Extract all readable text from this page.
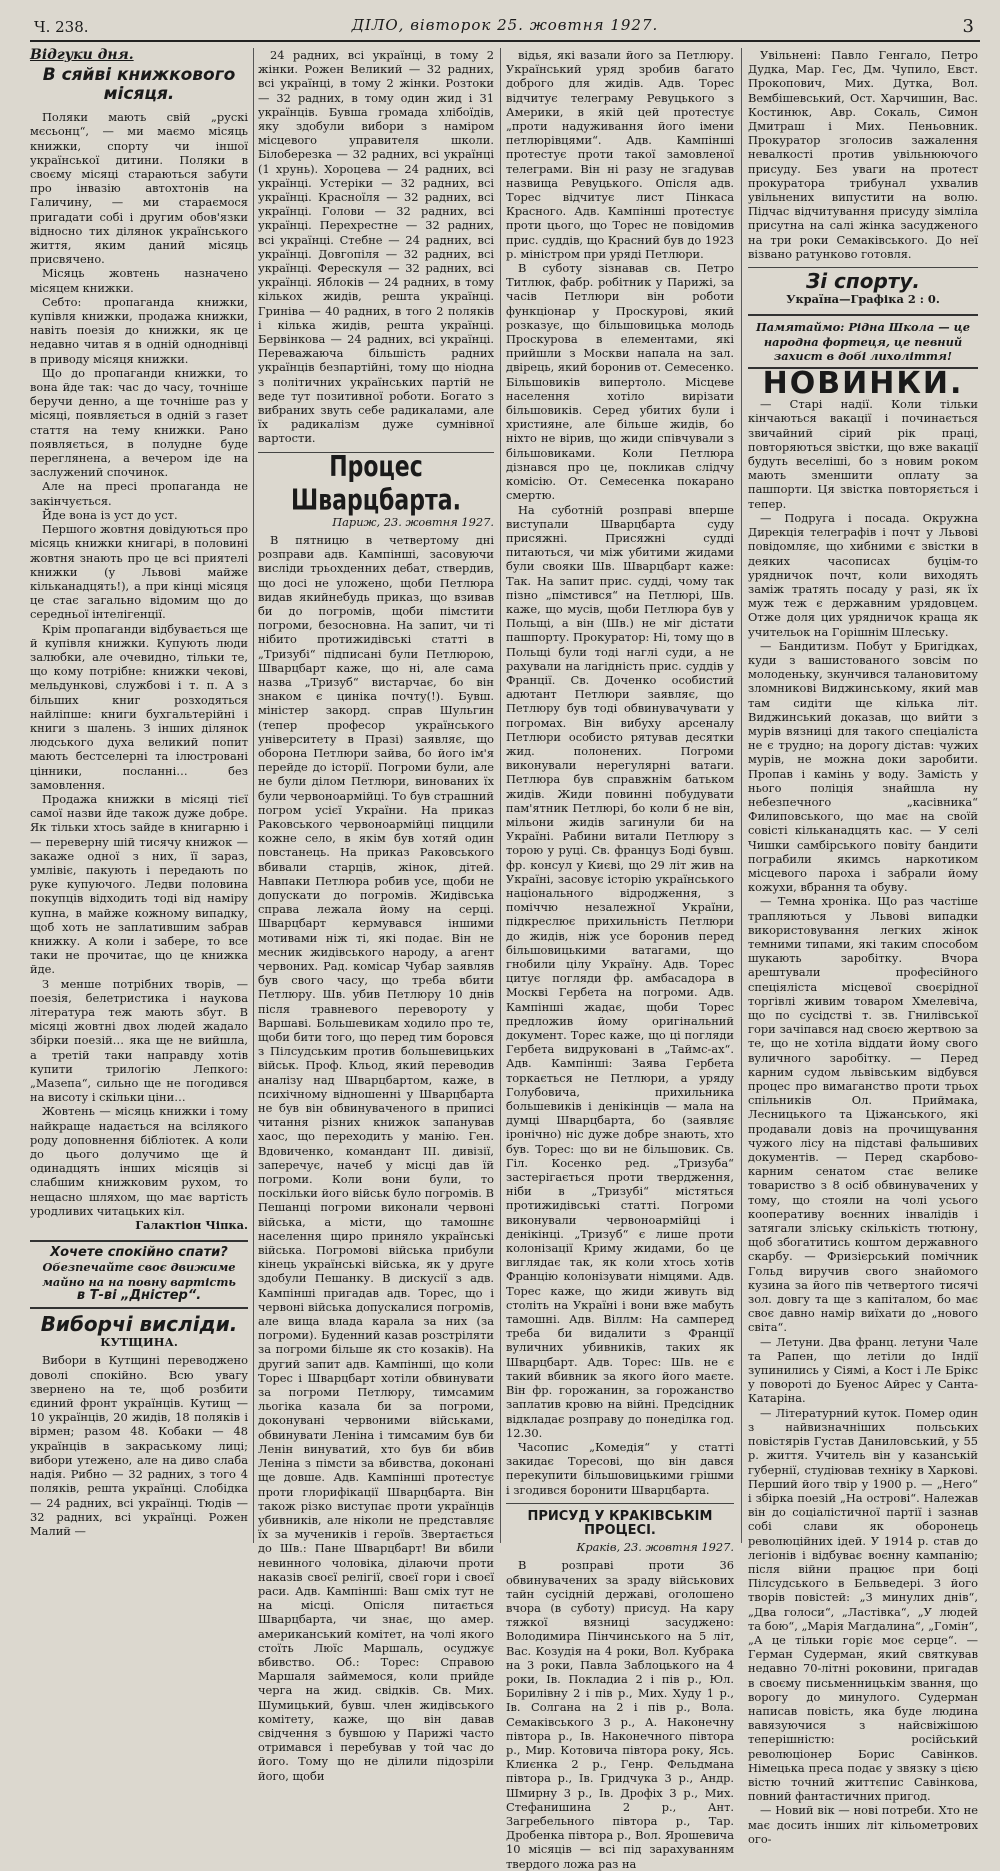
Ч. 238.	ДІЛО, вівторок 25. жовтня 1927.	3
Відгуки дня.
В сяйві книжкового місяця.

Поляки мають свій „рускі мєсьонц“, — ми маємо місяць книжки, спорту чи іншої української дитини. Поляки в своєму місяці стараються забути про інвазію автохтонів на Галичину, — ми стараємося пригадати собі і другим обов'язки відносно тих ділянок українського життя, яким даний місяць присвячено.

Місяць жовтень назначено місяцем книжки.

Себто: пропаганда книжки, купівля книжки, продажа книжки, навіть поезія до книжки, як це недавно читав я в одній одноднівці в приводу місяця книжки.

Що до пропаганди книжки, то вона йде так: час до часу, точніше беручи денно, а ще точніше раз у місяці, появляється в одній з газет стаття на тему книжки. Рано появляється, в полудне буде переглянена, а вечером іде на заслужений спочинок.

Але на пресі пропаганда не закінчується.

Йде вона із уст до уст.

Першого жовтня довідуються про місяць книжки книгарі, в половині жовтня знають про це всі приятелі книжки (у Львові майже кільканадцять!), а при кінці місяця це стає загально відомим що до середньої інтелігенції.

Крім пропаганди відбувається ще й купівля книжки. Купують люди залюбки, але очевидно, тільки те, що кому потрібне: книжки чекові, мельдункові, службові і т. п. А з більших книг розходяться найліпше: книги бухгальтерійні і книги з шалень. З інших ділянок людського духа великий попит мають бестселерні та ілюстровані цінники, посланні… без замовлення.

Продажа книжки в місяці тієї самої назви йде також дуже добре. Як тільки хтось зайде в книгарню і — переверну шій тисячу книжок — закаже одної з них, її зараз, умлівіє, пакують і передають по руке купуючого. Ледви половина покупців відходить тоді від наміру купна, в майже кожному випадку, щоб хоть не заплатившим забрав книжку. А коли і забере, то все таки не прочитає, що це книжка йде.

З менше потрібних творів, — поезія, белетристика і наукова література теж мають збут. В місяці жовтні двох людей жадало збірки поезій… яка ще не вийшла, а третій таки направду хотів купити трилогію Лепкого: „Мазепа“, сильно ще не погодився на висоту і скільки ціни…

Жовтень — місяць книжки і тому найкраще надається на всілякого роду доповнення бібліотек. А коли до цього долучимо ще й одинадцять інших місяців зі слабшим книжковим рухом, то нещасно шляхом, що має вартість уродливих читацьких кіл.

Галактіон Чіпка.
Хочете спокійно спати?
Обезпечайте своє движиме майно на на повну вартість
в Т-ві „Дністер“.
Виборчі висліди.
КУТЩИНА.

Вибори в Кутщині переводжено доволі спокійно. Всю увагу звернено на те, щоб розбити єдиний фронт українців. Кутищ — 10 українців, 20 жидів, 18 поляків і вірмен; разом 48. Кобаки — 48 українців в закраському лиці; вибори утежено, але на диво слаба надія. Рибно — 32 радних, з того 4 поляків, решта українці. Слобідка — 24 радних, всі українці. Тюдів — 32 радних, всі українці. Рожен Малий —

24 радних, всі українці, в тому 2 жінки. Рожен Великий — 32 радних, всі українці, в тому 2 жінки. Розтоки — 32 радних, в тому один жид і 31 українців. Бувша громада хлібоїдів, яку здобули вибори з наміром місцевого управителя школи. Білоберезка — 32 радних, всі українці (1 хрунь). Хороцева — 24 радних, всі українці. Устеріки — 32 радних, всі українці. Красноїля — 32 радних, всі українці. Голови — 32 радних, всі українці. Перехрестне — 32 радних, всі українці. Стебне — 24 радних, всі українці. Довгопіля — 32 радних, всі українці. Ферескуля — 32 радних, всі українці. Яблоків — 24 радних, в тому кількох жидів, решта українці. Гриніва — 40 радних, в того 2 поляків і кілька жидів, решта українці. Бервінкова — 24 радних, всі українці. Переважаюча більшість радних українців безпартійні, тому що ніодна з політичних українських партій не веде тут позитивної роботи. Богато з вибраних звуть себе радикалами, але їх радикалізм дуже сумнівної вартости.

Процес Шварцбарта.
Париж, 23. жовтня 1927.

В пятницю в четвертому дні розправи адв. Кампінші, засовуючи висліди трьохденних дебат, ствердив, що досі не уложено, щоби Петлюра видав якийнебудь приказ, що взивав би до погромів, щоби пімстити погроми, безосновна. На запит, чи ті нібито протижидівські статті в „Тризубі“ підписані були Петлюрою, Шварцбарт каже, що ні, але сама назва „Тризуб“ вистарчає, бо він знаком є циніка почту(!). Бувш. міністер закорд. справ Шульгин (тепер професор українського університету в Празі) заявляє, що оборона Петлюри зайва, бо його ім'я перейде до історії. Погроми були, але не були ділом Петлюри, винованих їх були червоноармійці. То був страшний погром усієї України. На приказ Раковського червоноармійці пиццили кожне село, в якім був хотяй один повстанець. На приказ Раковського вбивали старців, жінок, дітей. Навпаки Петлюра робив усе, щоби не допускати до погромів. Жидівська справа лежала йому на серці. Шварцбарт кермувався іншими мотивами ніж ті, які подає. Він не месник жидівського народу, а агент червоних. Рад. комісар Чубар заявляв був свого часу, що треба вбити Петлюру. Шв. убив Петлюру 10 днів після травневого перевороту у Варшаві. Большевикам ходило про те, щоби бити того, що перед тим боровся з Пілсудським против большевицьких військ. Проф. Кльод, який переводив аналізу над Шварцбартом, каже, в психічному відношенні у Шварцбарта не був він обвинуваченого в приписі читання різних книжок запанував хаос, що переходить у манію. Ген. Вдовиченко, командант III. дивізії, заперечує, начеб у місці дав їй погроми. Коли вони були, то поскільки його військ було погромів. В Пешанці погроми виконали червоні війська, а місти, що тамошнє населення щиро приняло українські війська. Погромові війська прибули кінець українські війська, як у друге здобули Пешанку. В дискусії з адв. Кампінші пригадав адв. Торес, що і червоні війська допускалися погромів, але вища влада карала за них (за погроми). Буденний казав розстріляти за погроми більше як сто козаків). На другий запит адв. Кампінші, що коли Торес і Шварцбарт хотіли обвинувати за погроми Петлюру, тимсамим льогіка казала би за погроми, доконувані червоними військами, обвинувати Леніна і тимсамим був би Ленін винуватий, хто був би вбив Леніна з пімсти за вбивства, доконані ще довше. Адв. Кампінші протестує проти глорифікації Шварцбарта. Він також різко виступає проти українців убивників, але ніколи не представляє їх за мучеників і героїв. Звертається до Шв.: Пане Шварцбарт! Ви вбили невинного чоловіка, ділаючи проти наказів своєї релігії, своєї гори і своєї раси. Адв. Кампінші: Ваш сміх тут не на місці. Опісля питається Шварцбарта, чи знає, що амер. американський комітет, на чолі якого стоїть Люїс Маршаль, осуджує вбивство. Об.: Торес: Справою Маршаля займемося, коли прийде черга на жид. свідків. Св. Мих. Шумицький, бувш. член жидівського комітету, каже, що він давав свідчення з бувшою у Парижі часто отримався і перебував у той час до його. Тому що не ділили підозріли його, щоби

відья, які вазали його за Петлюру. Український уряд зробив багато доброго для жидів. Адв. Торес відчитує телеграму Ревуцького з Америки, в якій цей протестує „проти надуживання його імени петлюрівцями“. Адв. Кампінші протестує проти такої замовленої телеграми. Він ні разу не згадував назвища Ревуцького. Опісля адв. Торес відчитує лист Пінкаса Красного. Адв. Кампінші протестує проти цього, що Торес не повідомив прис. суддів, що Красний був до 1923 р. міністром при уряді Петлюри.

В суботу зізнавав св. Петро Титлюк, фабр. робітник у Парижі, за часів Петлюри він роботи функціонар у Проскурові, який розказує, що більшовицька молодь Проскурова в елементами, які прийшли з Москви напала на зал. двірець, який боронив от. Семесенко. Більшовиків випертоло. Місцеве населення хотіло вирізати більшовиків. Серед убитих були і християне, але більше жидів, бо ніхто не вірив, що жиди співчували з більшовиками. Коли Петлюра дізнався про це, покликав слідчу комісію. От. Семесенка покарано смертю.

На суботній розправі вперше виступали Шварцбарта суду присяжні. Присяжні судді питаються, чи між убитими жидами були свояки Шв. Шварцбарт каже: Так. На запит прис. судді, чому так пізно „пімстився“ на Петлюрі, Шв. каже, що мусів, щоби Петлюра був у Польщі, а він (Шв.) не міг дістати пашпорту. Прокуратор: Ні, тому що в Польщі були тоді наглі суди, а не рахували на лагідність прис. суддів у Франції. Св. Доченко особистий адютант Петлюри заявляє, що Петлюру був тоді обвинувачувати у погромах. Він вибуху арсеналу Петлюри особисто рятував десятки жид. полонених. Погроми виконували нерегулярні ватаги. Петлюра був справжнім батьком жидів. Жиди повинні побудувати пам'ятник Петлюрі, бо коли б не він, мільони жидів загинули би на Україні. Рабини витали Петлюру з торою у руці. Св. француз Боді бувш. фр. консул у Києві, що 29 літ жив на Україні, засовує історію українського національного відродження, з поміччю незалежної України, підкреслює прихильність Петлюри до жидів, ніж усе боронив перед більшовицькими ватагами, що гнобили цілу Україну. Адв. Торес цитує погляди фр. амбасадора в Москві Гербета на погроми. Адв. Кампінші жадає, щоби Торес предложив йому оригінальний документ. Торес каже, що ці погляди Гербета видруковані в „Таймс-ах“. Адв. Кампінші: Заява Гербета торкається не Петлюри, а уряду Голубовича, прихильника большевиків і денікінців — мала на думці Шварцбарта, бо (заявляє іронічно) ніс дуже добре знають, хто був. Торес: що ви не більшовик. Св. Гіл. Косенко ред. „Тризуба“ застерігається проти твердження, ніби в „Тризубі“ містяться протижидівські статті. Погроми виконували червоноармійці і денікінці. „Тризуб“ є лише проти колонізації Криму жидами, бо це виглядає так, як коли хтось хотів Францію колонізувати німцями. Адв. Торес каже, що жиди живуть від століть на Україні і вони вже мабуть тамошні. Адв. Віллм: На самперед треба би видалити з Франції вуличних убивників, таких як Шварцбарт. Адв. Торес: Шв. не є такий вбивник за якого його маєте. Він фр. горожанин, за горожанство заплатив кровю на війні. Предсідник відкладає розправу до понеділка год. 12.30.

Часопис „Комедія“ у статті закидає Торесові, що він дався перекупити більшовицькими грішми і згодився боронити Шварцбарта.

ПРИСУД У КРАКІВСЬКІМ ПРОЦЕСІ.
Краків, 23. жовтня 1927.

В розправі проти 36 обвинувачених за зраду військових тайн сусідній державі, оголошено вчора (в суботу) присуд. На кару тяжкої вязниці засуджено: Володимира Пінчинського на 5 літ, Вас. Козудія на 4 роки, Вол. Кубрака на 3 роки, Павла Заблоцького на 4 роки, Ів. Покладиа 2 і пів р., Юл. Борилівну 2 і пів р., Мих. Худу 1 р., Ів. Солгана на 2 і пів р., Вола. Семаківського 3 р., А. Наконечну півтора р., Ів. Наконечного півтора р., Мир. Котовича півтора року, Ясь. Клиєнка 2 р., Генр. Фельдмана півтора р., Ів. Гридчука 3 р., Андр. Шмирну 3 р., Ів. Дрофіх 3 р., Мих. Стефанишина 2 р., Ант. Загребельного півтора р., Тар. Дробенка півтора р., Вол. Ярошевича 10 місяців — всі під зарахуванням твердого ложа раз на

Увільнені: Павло Генгало, Петро Дудка, Мар. Гес, Дм. Чупило, Евст. Прокопович, Мих. Дутка, Вол. Вембішевський, Ост. Харчишин, Вас. Костинюк, Авр. Сокаль, Симон Дмитраш і Мих. Пеньовник. Прокуратор зголосив зажалення невалкості против увільнюючого присуду. Без уваги на протест прокуратора трибунал ухвалив увільнених випустити на волю. Підчас відчитування присуду зімліла присутна на салі жінка засудженого на три роки Семаківського. До неї візвано ратунково готовля.

Зі спорту.
Україна—Графіка 2 : 0.
Памятаймо: Рідна Школа — це народна фортеця, це певний захист в добі лихоліття!
НОВИНКИ.

— Старі надії. Коли тільки кінчаються вакації і починається звичайний сірий рік праці, повторяються звістки, що вже вакації будуть веселіші, бо з новим роком мають зменшити оплату за пашпорти. Ця звістка повторяється і тепер.

— Подруга і посада. Окружна Дирекція телеграфів і почт у Львові повідомляє, що хибними є звістки в деяких часописах буцім-то урядничок почт, коли виходять заміж тратять посаду у разі, як їх муж теж є державним урядовцем. Отже доля цих урядничок краща як учительок на Горішнім Шлеську.

— Бандитизм. Побут у Бригідках, куди з вашистованого зовсім по молоденьку, зкунчився талановитому зломникові Виджинському, який мав там сидіти ще кілька літ. Виджинський доказав, що вийти з мурів вязниці для такого спеціаліста не є трудно; на дорогу дістав: чужих мурів, не можна доки заробити. Пропав і камінь у воду. Замість у нього поліція знайшла ну небезпечного „касівника“ Филиповського, що має на своїй совісті кільканадцять кас. — У селі Чишки самбірського повіту бандити пограбили якимсь наркотиком місцевого пароха і забрали йому кожухи, вбрання та обуву.

— Темна хроніка. Що раз частіше трапляються у Львові випадки використовування легких жінок темними типами, які таким способом шукають заробітку. Вчора арештували професійного спеціяліста місцевої своєрідної торгівлі живим товаром Хмелевіча, що по сусідстві т. зв. Гнилівської гори зачіпався над своєю жертвою за те, що не хотіла віддати йому свого вуличного заробітку. — Перед карним судом львівським відбувся процес про вимаганство проти трьох спільників Ол. Приймака, Лесницького та Ціжанського, які продавали довіз на прочищування чужого лісу на підставі фальшивих документів. — Перед скарбово-карним сенатом стає велике товариство з 8 осіб обвинувачених у тому, що стояли на чолі усього кооперативу воєнних інвалідів і затягали зліську скількість тютюну, щоб збогатитись коштом державного скарбу. — Фризієрський помічник Гольд виручив свого знайомого кузина за його пів четвертого тисячі зол. довгу та ще з капіталом, бо має своє давно намір виїхати до „нового світа“.

— Летуни. Два франц. летуни Чале та Рапен, що летіли до Індії зупинились у Сіямі, а Кост і Ле Брікс у повороті до Буенос Айрес у Санта-Катаріна.

— Літературний куток. Помер один з найвизначніших польських повістярів Густав Даниловський, у 55 р. життя. Учитель він у казанській губернії, студіював техніку в Харкові. Перший його твір у 1900 р. — „Него“ і збірка поезій „На острові“. Належав він до соціалістичної партії і зазнав собі слави як оборонець революційних ідей. У 1914 р. став до легіонів і відбуває воєнну кампанію; після війни працює при боці Пілсудського в Бельведері. З його творів повістей: „З минулих днів“, „Два голоси“, „Ластівка“, „У людей та бою“, „Марія Магдалина“, „Гомін“, „А це тільки горіє моє серце“. — Герман Судерман, який святкував недавно 70-літні роковини, пригадав в своєму письменницькім звання, що ворогу до минулого. Судерман написав повість, яка буде людина вавязуючися з найсвіжішою теперішністю: російський революціонер Борис Савінков. Німецька преса подає у звязку з цією вістю точний життєпис Савінкова, повний фантастичних пригод.

— Новий вік — нові потреби. Хто не має досить інших літ кільометрових ого-
